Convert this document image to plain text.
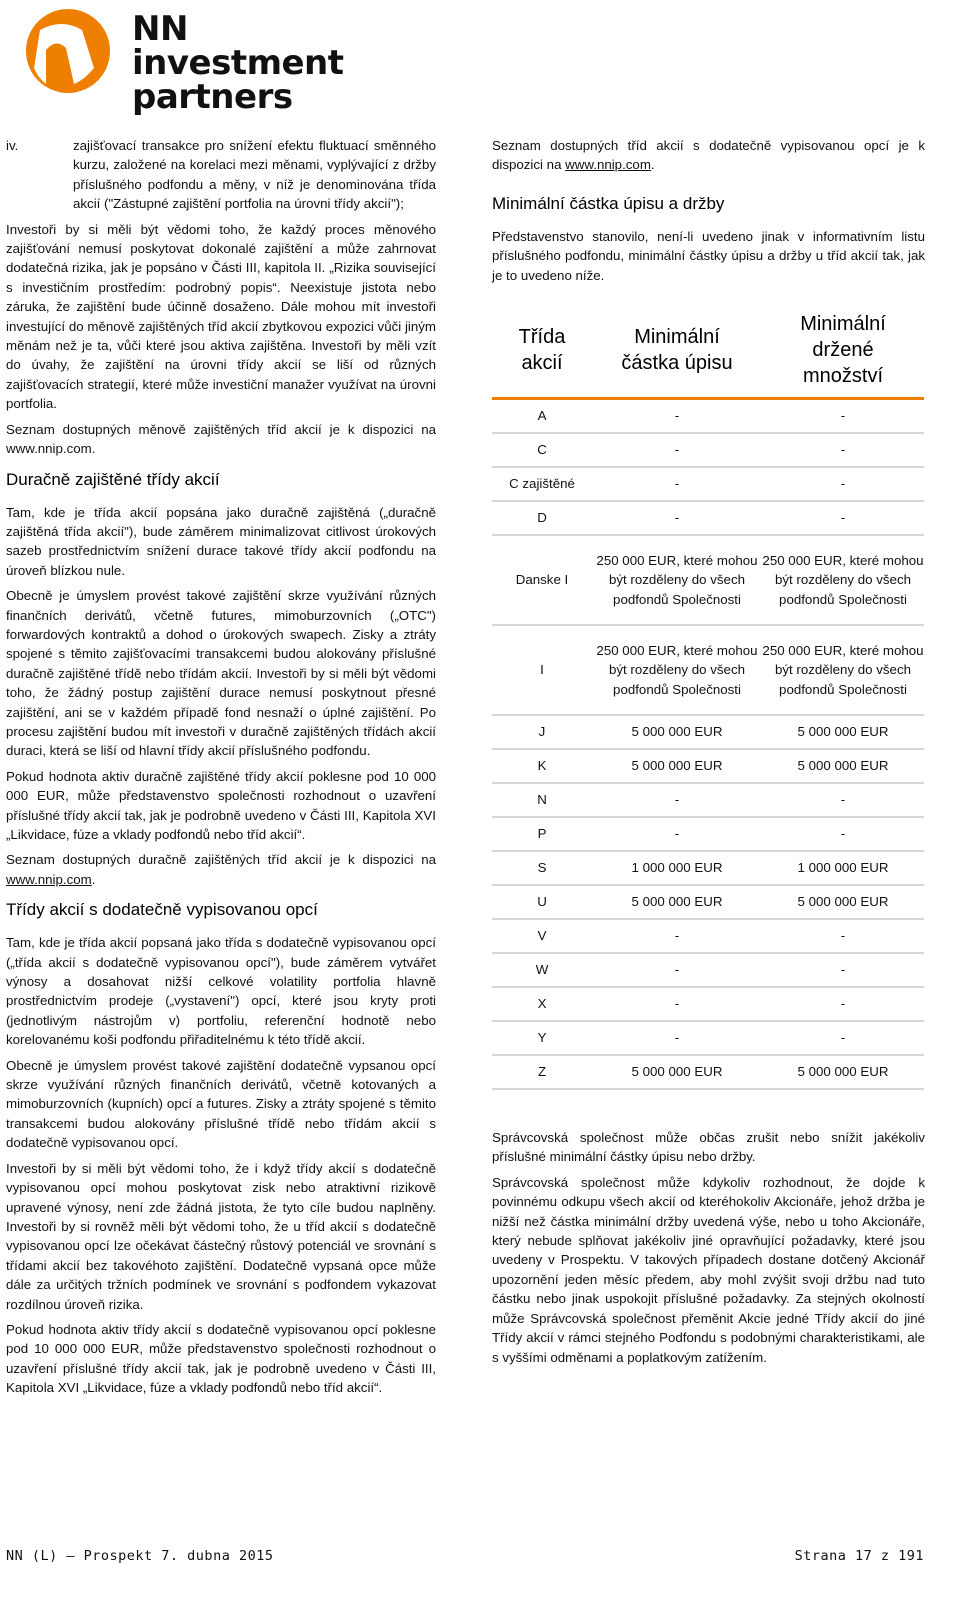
NN investment
partners

iv.	zajišťovací transakce pro snížení efektu fluktuací směnného kurzu, založené na korelaci mezi měnami, vyplývající z držby příslušného podfondu a měny, v níž je denominována třída akcií ("Zástupné zajištění portfolia na úrovni třídy akcií");

Investoři by si měli být vědomi toho, že každý proces měnového zajišťování nemusí poskytovat dokonalé zajištění a může zahrnovat dodatečná rizika, jak je popsáno v Části III, kapitola II. „Rizika související s investičním prostředím: podrobný popis“. Neexistuje jistota nebo záruka, že zajištění bude účinně dosaženo. Dále mohou mít investoři investující do měnově zajištěných tříd akcií zbytkovou expozici vůči jiným měnám než je ta, vůči které jsou aktiva zajištěna. Investoři by měli vzít do úvahy, že zajištění na úrovni třídy akcií se liší od různých zajišťovacích strategií, které může investiční manažer využívat na úrovni portfolia.

Seznam dostupných měnově zajištěných tříd akcií je k dispozici na www.nnip.com.

Duračně zajištěné třídy akcií

Tam, kde je třída akcií popsána jako duračně zajištěná („duračně zajištěná třída akcií"), bude záměrem minimalizovat citlivost úrokových sazeb prostřednictvím snížení durace takové třídy akcií podfondu na úroveň blízkou nule.

Obecně je úmyslem provést takové zajištění skrze využívání různých finančních derivátů, včetně futures, mimoburzovních („OTC") forwardových kontraktů a dohod o úrokových swapech. Zisky a ztráty spojené s těmito zajišťovacími transakcemi budou alokovány příslušné duračně zajištěné třídě nebo třídám akcií. Investoři by si měli být vědomi toho, že žádný postup zajištění durace nemusí poskytnout přesné zajištění, ani se v každém případě fond nesnaží o úplné zajištění. Po procesu zajištění budou mít investoři v duračně zajištěných třídách akcií duraci, která se liší od hlavní třídy akcií příslušného podfondu.

Pokud hodnota aktiv duračně zajištěné třídy akcií poklesne pod 10 000 000 EUR, může představenstvo společnosti rozhodnout o uzavření příslušné třídy akcií tak, jak je podrobně uvedeno v Části III, Kapitola XVI „Likvidace, fúze a vklady podfondů nebo tříd akcií“.

Seznam dostupných duračně zajištěných tříd akcií je k dispozici na www.nnip.com.

Třídy akcií s dodatečně vypisovanou opcí

Tam, kde je třída akcií popsaná jako třída s dodatečně vypisovanou opcí („třída akcií s dodatečně vypisovanou opcí"), bude záměrem vytvářet výnosy a dosahovat nižší celkové volatility portfolia hlavně prostřednictvím prodeje („vystavení") opcí, které jsou kryty proti (jednotlivým nástrojům v) portfoliu, referenční hodnotě nebo korelovanému koši podfondu přiřaditelnému k této třídě akcií.

Obecně je úmyslem provést takové zajištění dodatečně vypsanou opcí skrze využívání různých finančních derivátů, včetně kotovaných a mimoburzovních (kupních) opcí a futures. Zisky a ztráty spojené s těmito transakcemi budou alokovány příslušné třídě nebo třídám akcií s dodatečně vypisovanou opcí.

Investoři by si měli být vědomi toho, že i když třídy akcií s dodatečně vypisovanou opcí mohou poskytovat zisk nebo atraktivní rizikově upravené výnosy, není zde žádná jistota, že tyto cíle budou naplněny. Investoři by si rovněž měli být vědomi toho, že u tříd akcií s dodatečně vypisovanou opcí lze očekávat částečný růstový potenciál ve srovnání s třídami akcií bez takovéhoto zajištění. Dodatečně vypsaná opce může dále za určitých tržních podmínek ve srovnání s podfondem vykazovat rozdílnou úroveň rizika.

Pokud hodnota aktiv třídy akcií s dodatečně vypisovanou opcí poklesne pod 10 000 000 EUR, může představenstvo společnosti rozhodnout o uzavření příslušné třídy akcií tak, jak je podrobně uvedeno v Části III, Kapitola XVI „Likvidace, fúze a vklady podfondů nebo tříd akcií“.

Seznam dostupných tříd akcií s dodatečně vypisovanou opcí je k dispozici na www.nnip.com.

Minimální částka úpisu a držby

Představenstvo stanovilo, není-li uvedeno jinak v informativním listu příslušného podfondu, minimální částky úpisu a držby u tříd akcií tak, jak je to uvedeno níže.

Třída akcií	Minimální částka úpisu	Minimální držené množství
A	-	-
C	-	-
C zajištěné	-	-
D	-	-
Danske I	250 000 EUR, které mohou být rozděleny do všech podfondů Společnosti	250 000 EUR, které mohou být rozděleny do všech podfondů Společnosti
I	250 000 EUR, které mohou být rozděleny do všech podfondů Společnosti	250 000 EUR, které mohou být rozděleny do všech podfondů Společnosti
J	5 000 000 EUR	5 000 000 EUR
K	5 000 000 EUR	5 000 000 EUR
N	-	-
P	-	-
S	1 000 000 EUR	1 000 000 EUR
U	5 000 000 EUR	5 000 000 EUR
V	-	-
W	-	-
X	-	-
Y	-	-
Z	5 000 000 EUR	5 000 000 EUR

Správcovská společnost může občas zrušit nebo snížit jakékoliv příslušné minimální částky úpisu nebo držby.

Správcovská společnost může kdykoliv rozhodnout, že dojde k povinnému odkupu všech akcií od kteréhokoliv Akcionáře, jehož držba je nižší než částka minimální držby uvedená výše, nebo u toho Akcionáře, který nebude splňovat jakékoliv jiné opravňující požadavky, které jsou uvedeny v Prospektu. V takových případech dostane dotčený Akcionář upozornění jeden měsíc předem, aby mohl zvýšit svoji držbu nad tuto částku nebo jinak uspokojit příslušné požadavky. Za stejných okolností může Správcovská společnost přeměnit Akcie jedné Třídy akcií do jiné Třídy akcií v rámci stejného Podfondu s podobnými charakteristikami, ale s vyššími odměnami a poplatkovým zatížením.

NN (L) – Prospekt 7. dubna 2015	Strana 17 z 191
